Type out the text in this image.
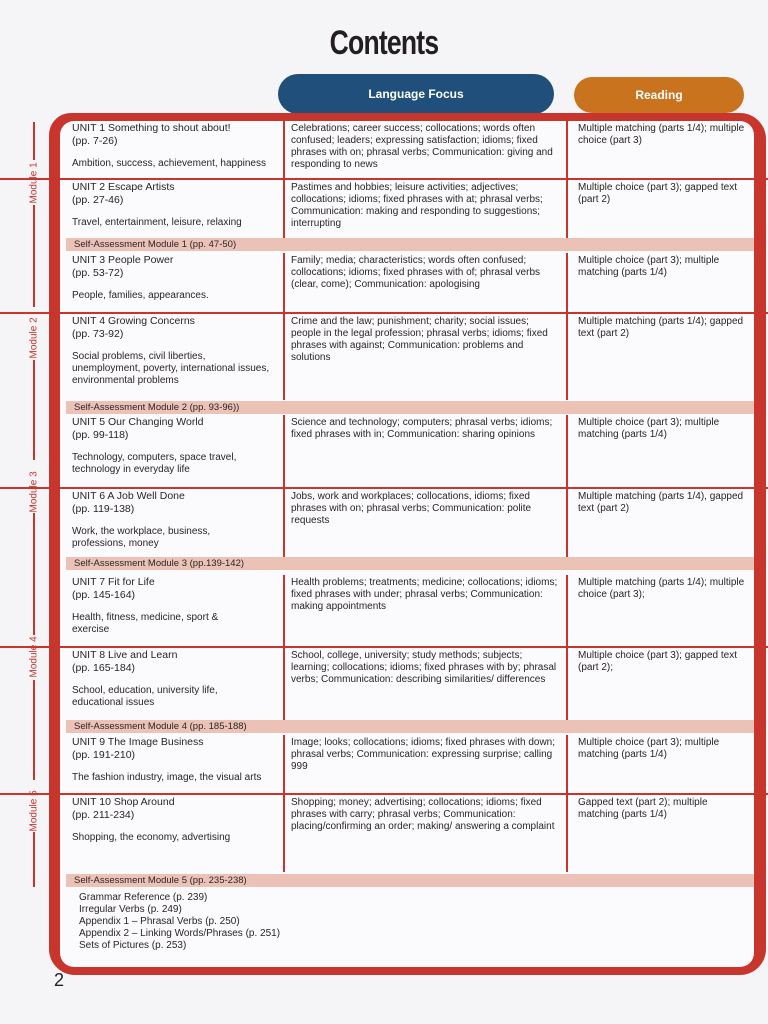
Contents
Language Focus	Reading
Module 1
Module 2
Module 3
Module 4
Module 5
UNIT 1 Something to shout about!
(pp. 7-26)
Ambition, success, achievement, happiness
Celebrations; career success; collocations; words often confused; leaders; expressing satisfaction; idioms; fixed phrases with on; phrasal verbs; Communication: giving and responding to news
Multiple matching (parts 1/4); multiple choice (part 3)
UNIT 2 Escape Artists
(pp. 27-46)
Travel, entertainment, leisure, relaxing
Pastimes and hobbies; leisure activities; adjectives; collocations; idioms; fixed phrases with at; phrasal verbs; Communication: making and responding to suggestions; interrupting
Multiple choice (part 3); gapped text (part 2)
Self-Assessment Module 1 (pp. 47-50)
UNIT 3 People Power
(pp. 53-72)
People, families, appearances.
Family; media; characteristics; words often confused; collocations; idioms; fixed phrases with of; phrasal verbs (clear, come); Communication: apologising
Multiple choice (part 3); multiple matching (parts 1/4)
UNIT 4 Growing Concerns
(pp. 73-92)
Social problems, civil liberties, unemployment, poverty, international issues, environmental problems
Crime and the law; punishment; charity; social issues; people in the legal profession; phrasal verbs; idioms; fixed phrases with against; Communication: problems and solutions
Multiple matching (parts 1/4); gapped text (part 2)
Self-Assessment Module 2 (pp. 93-96))
UNIT 5 Our Changing World
(pp. 99-118)
Technology, computers, space travel, technology in everyday life
Science and technology; computers; phrasal verbs; idioms; fixed phrases with in; Communication: sharing opinions
Multiple choice (part 3); multiple matching (parts 1/4)
UNIT 6 A Job Well Done
(pp. 119-138)
Work, the workplace, business, professions, money
Jobs, work and workplaces; collocations, idioms; fixed phrases with on; phrasal verbs; Communication: polite requests
Multiple matching (parts 1/4), gapped text (part 2)
Self-Assessment Module 3 (pp.139-142)
UNIT 7 Fit for Life
(pp. 145-164)
Health, fitness, medicine, sport & exercise
Health problems; treatments; medicine; collocations; idioms; fixed phrases with under; phrasal verbs; Communication: making appointments
Multiple matching (parts 1/4); multiple choice (part 3);
UNIT 8 Live and Learn
(pp. 165-184)
School, education, university life, educational issues
School, college, university; study methods; subjects; learning; collocations; idioms; fixed phrases with by; phrasal verbs; Communication: describing similarities/ differences
Multiple choice (part 3); gapped text (part 2);
Self-Assessment Module 4 (pp. 185-188)
UNIT 9 The Image Business
(pp. 191-210)
The fashion industry, image, the visual arts
Image; looks; collocations; idioms; fixed phrases with down; phrasal verbs; Communication: expressing surprise; calling 999
Multiple choice (part 3); multiple matching (parts 1/4)
UNIT 10 Shop Around
(pp. 211-234)
Shopping, the economy, advertising
Shopping; money; advertising; collocations; idioms; fixed phrases with carry; phrasal verbs; Communication: placing/confirming an order; making/ answering a complaint
Gapped text (part 2); multiple matching (parts 1/4)
Self-Assessment Module 5 (pp. 235-238)
Grammar Reference (p. 239)
Irregular Verbs (p. 249)
Appendix 1 – Phrasal Verbs (p. 250)
Appendix 2 – Linking Words/Phrases (p. 251)
Sets of Pictures (p. 253)
2
